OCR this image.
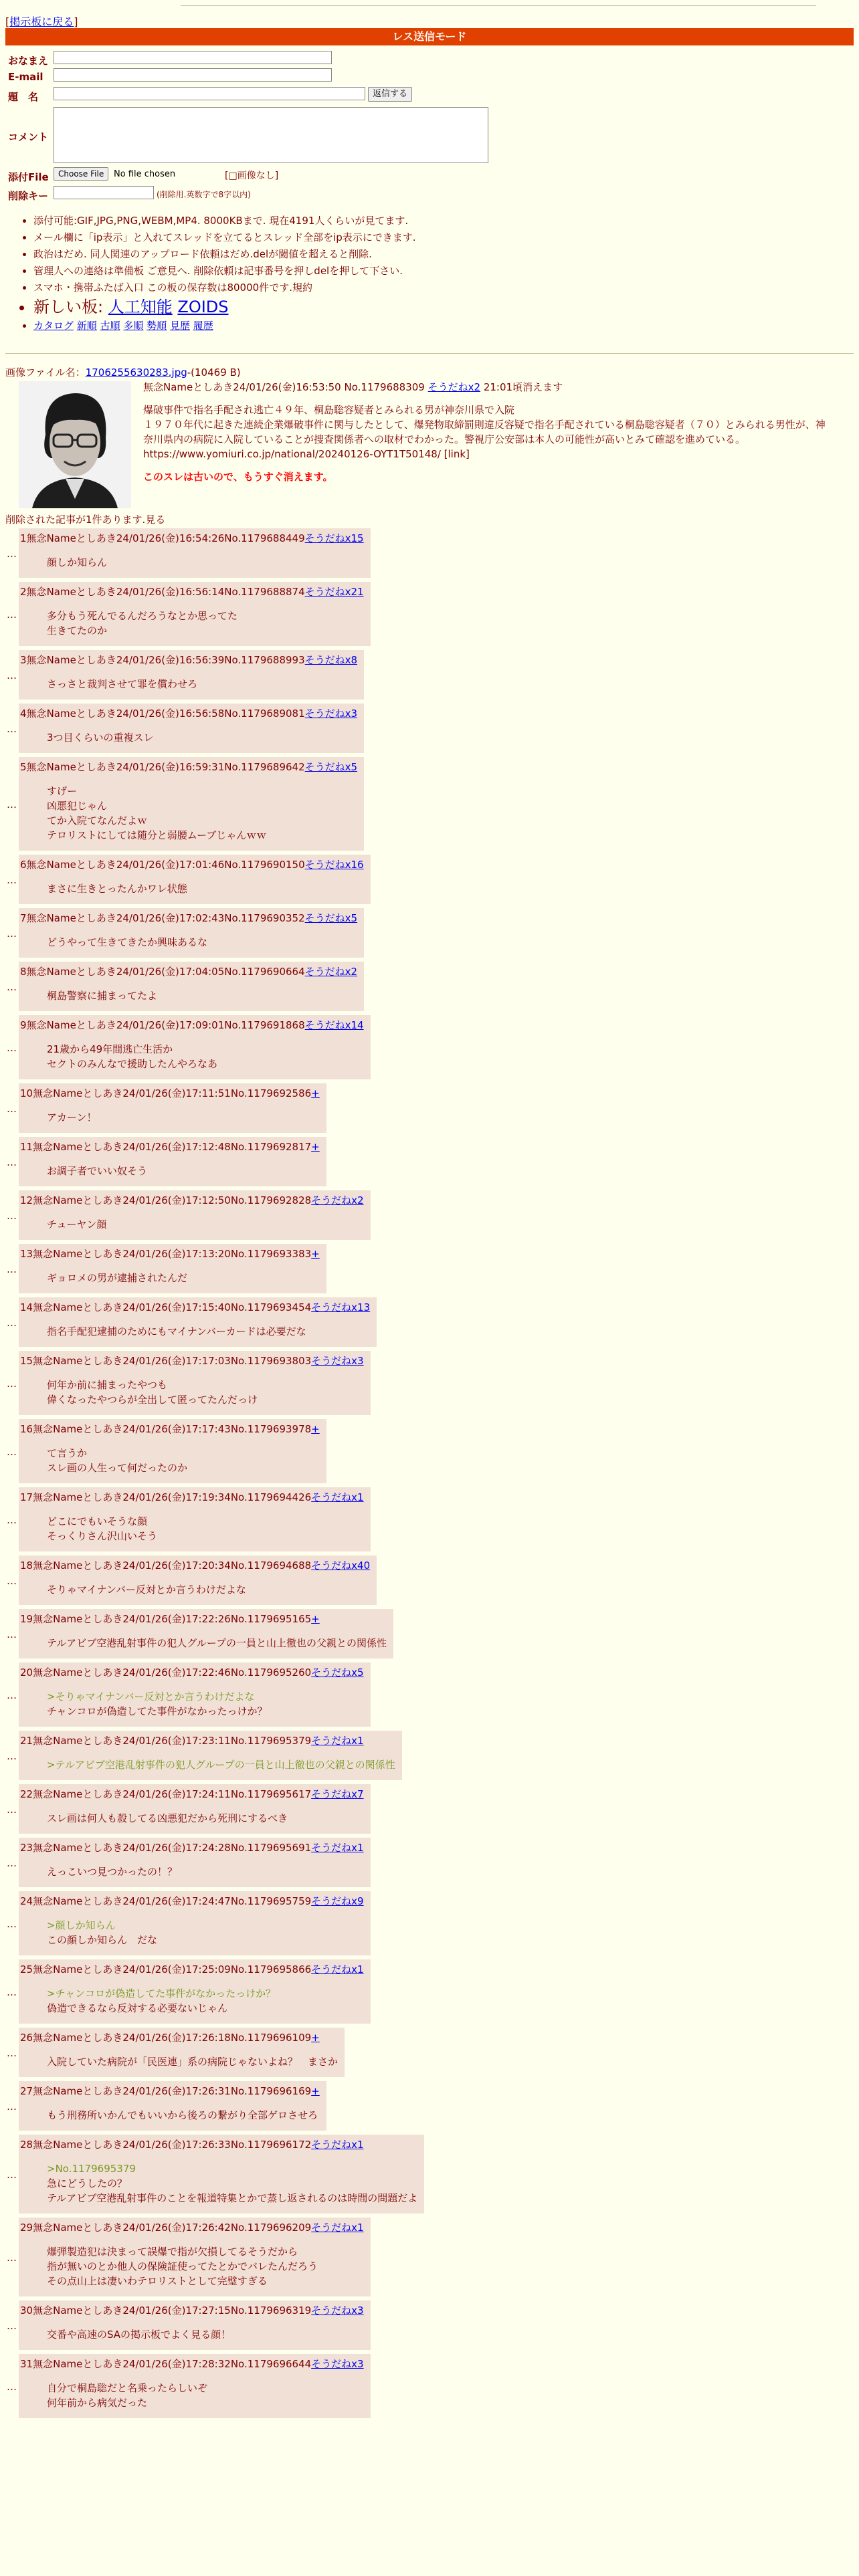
[掲示板に戻る]
レス送信モード
おなまえ
E-mail
題　名	返信する
コメント
添付File	Choose File	No file chosen	[□画像なし]
削除キー	(削除用.英数字で8字以内)
• 添付可能:GIF,JPG,PNG,WEBM,MP4. 8000KBまで. 現在4191人くらいが見てます.
• メール欄に「ip表示」と入れてスレッドを立てるとスレッド全部をip表示にできます.
• 政治はだめ. 同人関連のアップロード依頼はだめ.delが閾値を超えると削除.
• 管理人への連絡は準備板 ご意見へ. 削除依頼は記事番号を押しdelを押して下さい.
• スマホ・携帯ふたば入口 この板の保存数は80000件です.規約
• 新しい板: 人工知能 ZOIDS
• カタログ 新順 古順 多順 勢順 見歴 履歴
画像ファイル名：1706255630283.jpg-(10469 B)
無念Nameとしあき24/01/26(金)16:53:50 No.1179688309 そうだねx2 21:01頃消えます
爆破事件で指名手配され逃亡４９年、桐島聡容疑者とみられる男が神奈川県で入院
１９７０年代に起きた連続企業爆破事件に関与したとして、爆発物取締罰則違反容疑で指名手配されている桐島聡容疑者（７０）とみられる男性が、神奈川県内の病院に入院していることが捜査関係者への取材でわかった。警視庁公安部は本人の可能性が高いとみて確認を進めている。
https://www.yomiuri.co.jp/national/20240126-OYT1T50148/ [link]
このスレは古いので、もうすぐ消えます。
削除された記事が1件あります.見る
…
1無念Nameとしあき24/01/26(金)16:54:26No.1179688449そうだねx15
顔しか知らん
…
2無念Nameとしあき24/01/26(金)16:56:14No.1179688874そうだねx21
多分もう死んでるんだろうなとか思ってた
生きてたのか
…
3無念Nameとしあき24/01/26(金)16:56:39No.1179688993そうだねx8
さっさと裁判させて罪を償わせろ
…
4無念Nameとしあき24/01/26(金)16:56:58No.1179689081そうだねx3
3つ目くらいの重複スレ
…
5無念Nameとしあき24/01/26(金)16:59:31No.1179689642そうだねx5
すげー
凶悪犯じゃん
てか入院てなんだよｗ
テロリストにしては随分と弱腰ムーブじゃんｗｗ
…
6無念Nameとしあき24/01/26(金)17:01:46No.1179690150そうだねx16
まさに生きとったんかワレ状態
…
7無念Nameとしあき24/01/26(金)17:02:43No.1179690352そうだねx5
どうやって生きてきたか興味あるな
…
8無念Nameとしあき24/01/26(金)17:04:05No.1179690664そうだねx2
桐島警察に捕まってたよ
…
9無念Nameとしあき24/01/26(金)17:09:01No.1179691868そうだねx14
21歳から49年間逃亡生活か
セクトのみんなで援助したんやろなあ
…
10無念Nameとしあき24/01/26(金)17:11:51No.1179692586+
アカーン！
…
11無念Nameとしあき24/01/26(金)17:12:48No.1179692817+
お調子者でいい奴そう
…
12無念Nameとしあき24/01/26(金)17:12:50No.1179692828そうだねx2
チューヤン顔
…
13無念Nameとしあき24/01/26(金)17:13:20No.1179693383+
ギョロメの男が逮捕されたんだ
…
14無念Nameとしあき24/01/26(金)17:15:40No.1179693454そうだねx13
指名手配犯逮捕のためにもマイナンバーカードは必要だな
…
15無念Nameとしあき24/01/26(金)17:17:03No.1179693803そうだねx3
何年か前に捕まったやつも
偉くなったやつらが全出して匿ってたんだっけ
…
16無念Nameとしあき24/01/26(金)17:17:43No.1179693978+
て言うか
スレ画の人生って何だったのか
…
17無念Nameとしあき24/01/26(金)17:19:34No.1179694426そうだねx1
どこにでもいそうな顔
そっくりさん沢山いそう
…
18無念Nameとしあき24/01/26(金)17:20:34No.1179694688そうだねx40
そりゃマイナンバー反対とか言うわけだよな
…
19無念Nameとしあき24/01/26(金)17:22:26No.1179695165+
テルアビブ空港乱射事件の犯人グループの一員と山上徹也の父親との関係性
…
20無念Nameとしあき24/01/26(金)17:22:46No.1179695260そうだねx5
>そりゃマイナンバー反対とか言うわけだよな
チャンコロが偽造してた事件がなかったっけか？
…
21無念Nameとしあき24/01/26(金)17:23:11No.1179695379そうだねx1
>テルアビブ空港乱射事件の犯人グループの一員と山上徹也の父親との関係性
…
22無念Nameとしあき24/01/26(金)17:24:11No.1179695617そうだねx7
スレ画は何人も殺してる凶悪犯だから死刑にするべき
…
23無念Nameとしあき24/01/26(金)17:24:28No.1179695691そうだねx1
えっこいつ見つかったの！？
…
24無念Nameとしあき24/01/26(金)17:24:47No.1179695759そうだねx9
>顔しか知らん
この顔しか知らん　だな
…
25無念Nameとしあき24/01/26(金)17:25:09No.1179695866そうだねx1
>チャンコロが偽造してた事件がなかったっけか？
偽造できるなら反対する必要ないじゃん
…
26無念Nameとしあき24/01/26(金)17:26:18No.1179696109+
入院していた病院が「民医連」系の病院じゃないよね？　まさか
…
27無念Nameとしあき24/01/26(金)17:26:31No.1179696169+
もう刑務所いかんでもいいから後ろの繋がり全部ゲロさせろ
…
28無念Nameとしあき24/01/26(金)17:26:33No.1179696172そうだねx1
>No.1179695379
急にどうしたの？
テルアビブ空港乱射事件のことを報道特集とかで蒸し返されるのは時間の問題だよ
…
29無念Nameとしあき24/01/26(金)17:26:42No.1179696209そうだねx1
爆弾製造犯は決まって誤爆で指が欠損してるそうだから
指が無いのとか他人の保険証使ってたとかでバレたんだろう
その点山上は凄いわテロリストとして完璧すぎる
…
30無念Nameとしあき24/01/26(金)17:27:15No.1179696319そうだねx3
交番や高速のSAの掲示板でよく見る顔！
…
31無念Nameとしあき24/01/26(金)17:28:32No.1179696644そうだねx3
自分で桐島聡だと名乗ったらしいぞ
何年前から病気だった
